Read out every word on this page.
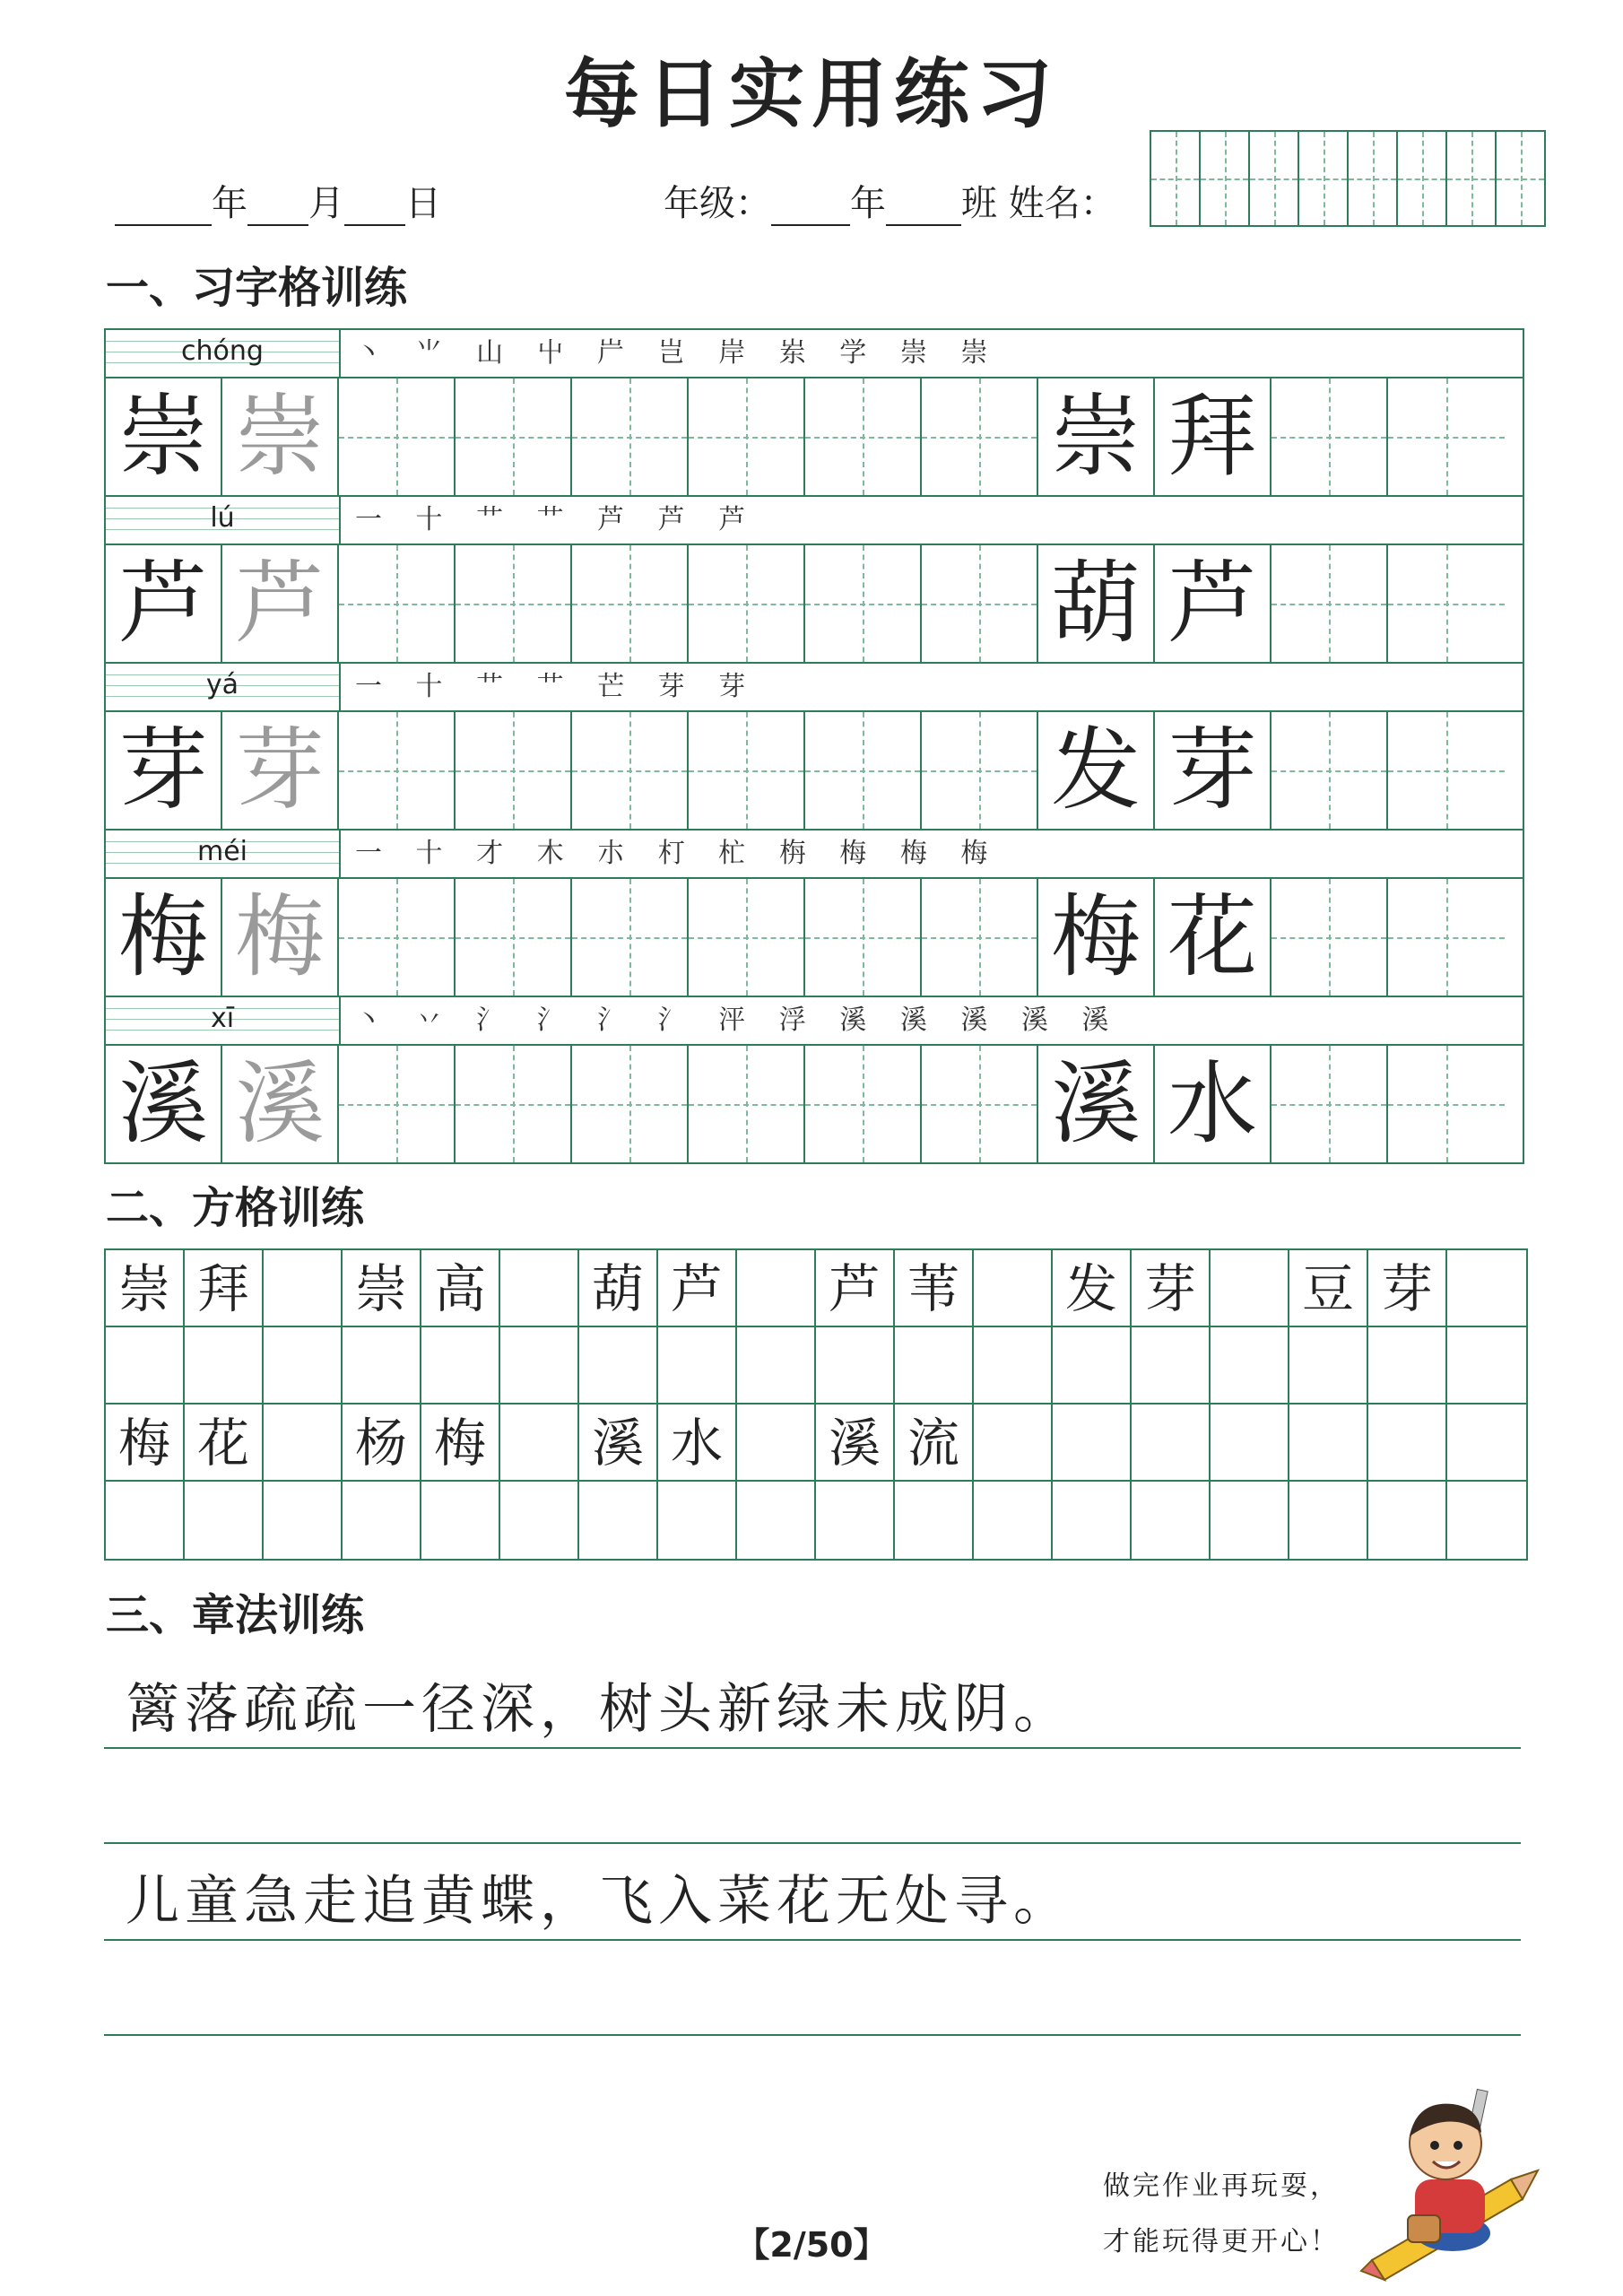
每日实用练习
年 月 日	年级： 年 班 姓名：
一、习字格训练
chóng	丶 ⺌ 山 屮 屵 岂 岸 岽 学 崇 崇
崇 崇	崇 拜
lú	一 十 艹 艹 芦 芦 芦
芦 芦	葫 芦
yá	一 十 艹 艹 芒 芽 芽
芽 芽	发 芽
méi	一 十 才 木 朩 朾 杧 栴 梅 梅 梅
梅 梅	梅 花
xī	丶 丷 氵 氵 氵 氵 泙 浮 溪 溪 溪 溪 溪
溪 溪	溪 水
二、方格训练
崇 拜 崇 高 葫 芦 芦 苇 发 芽 豆 芽
梅 花 杨 梅 溪 水 溪 流
三、章法训练
篱落疏疏一径深，树头新绿未成阴。
儿童急走追黄蝶，飞入菜花无处寻。
做完作业再玩耍，
才能玩得更开心！
【2/50】
